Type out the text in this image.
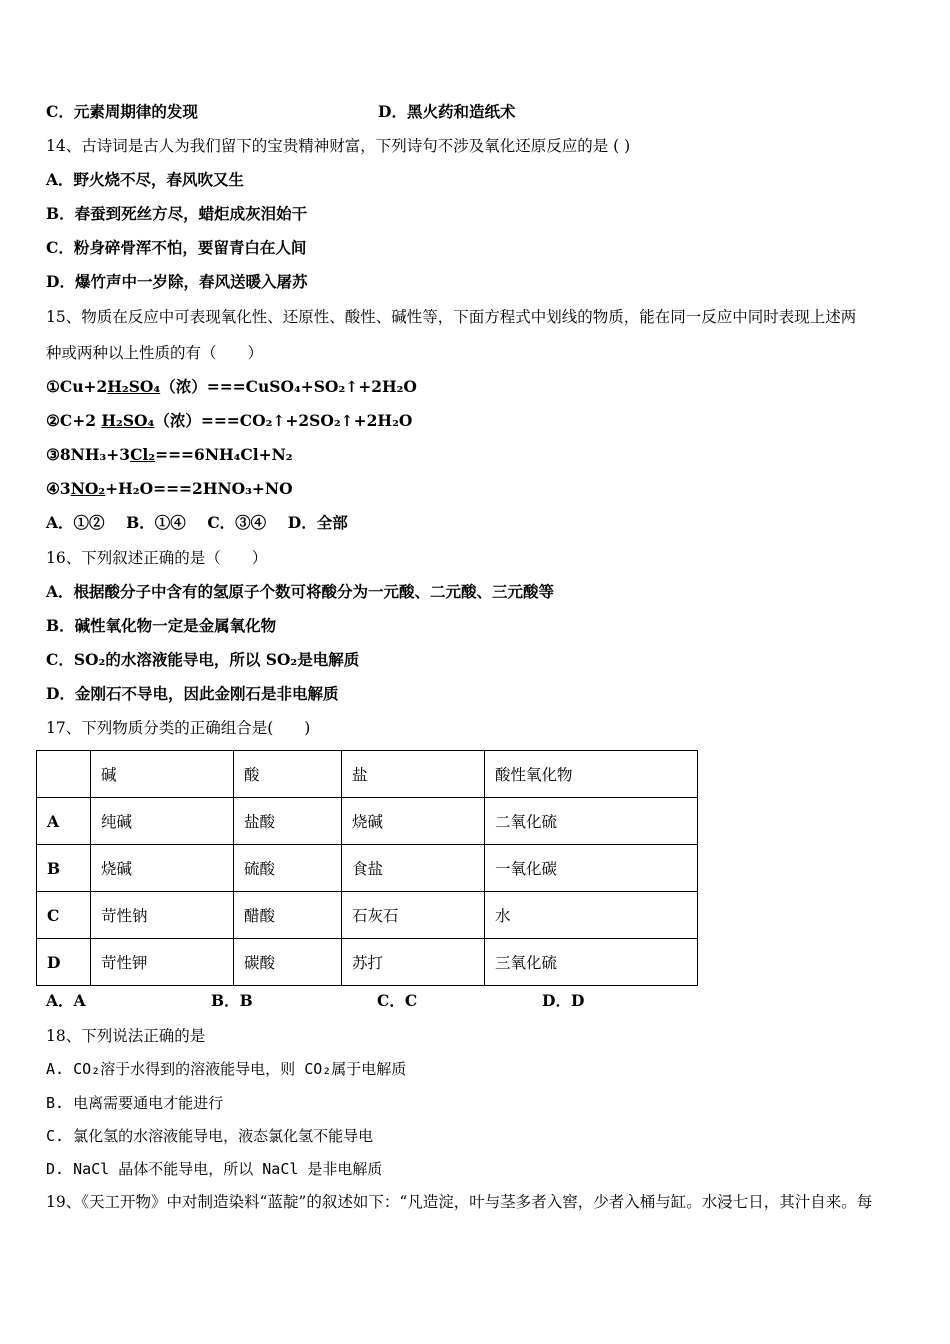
C．元素周期律的发现	D．黑火药和造纸术
14、古诗词是古人为我们留下的宝贵精神财富，下列诗句不涉及氧化还原反应的是 ( )
A．野火烧不尽，春风吹又生
B．春蚕到死丝方尽，蜡炬成灰泪始干
C．粉身碎骨浑不怕，要留青白在人间
D．爆竹声中一岁除，春风送暖入屠苏
15、物质在反应中可表现氧化性、还原性、酸性、碱性等，下面方程式中划线的物质，能在同一反应中同时表现上述两
种或两种以上性质的有（　　）
①Cu+2H₂SO₄（浓）===CuSO₄+SO₂↑+2H₂O
②C+2 H₂SO₄（浓）===CO₂↑+2SO₂↑+2H₂O
③8NH₃+3Cl₂===6NH₄Cl+N₂
④3NO₂+H₂O===2HNO₃+NO
A．①② B．①④ C．③④ D．全部
16、下列叙述正确的是（　　）
A．根据酸分子中含有的氢原子个数可将酸分为一元酸、二元酸、三元酸等
B．碱性氧化物一定是金属氧化物
C．SO₂的水溶液能导电，所以 SO₂是电解质
D．金刚石不导电，因此金刚石是非电解质
17、下列物质分类的正确组合是(　　)
	碱	酸	盐	酸性氧化物
A	纯碱	盐酸	烧碱	二氧化硫
B	烧碱	硫酸	食盐	一氧化碳
C	苛性钠	醋酸	石灰石	水
D	苛性钾	碳酸	苏打	三氧化硫
A．A	B．B	C．C	D．D
18、下列说法正确的是
A. CO₂溶于水得到的溶液能导电，则 CO₂属于电解质
B. 电离需要通电才能进行
C. 氯化氢的水溶液能导电，液态氯化氢不能导电
D. NaCl 晶体不能导电，所以 NaCl 是非电解质
19、《天工开物》中对制造染料“蓝靛”的叙述如下：“凡造淀，叶与茎多者入窖，少者入桶与缸。水浸七日，其汁自来。每
